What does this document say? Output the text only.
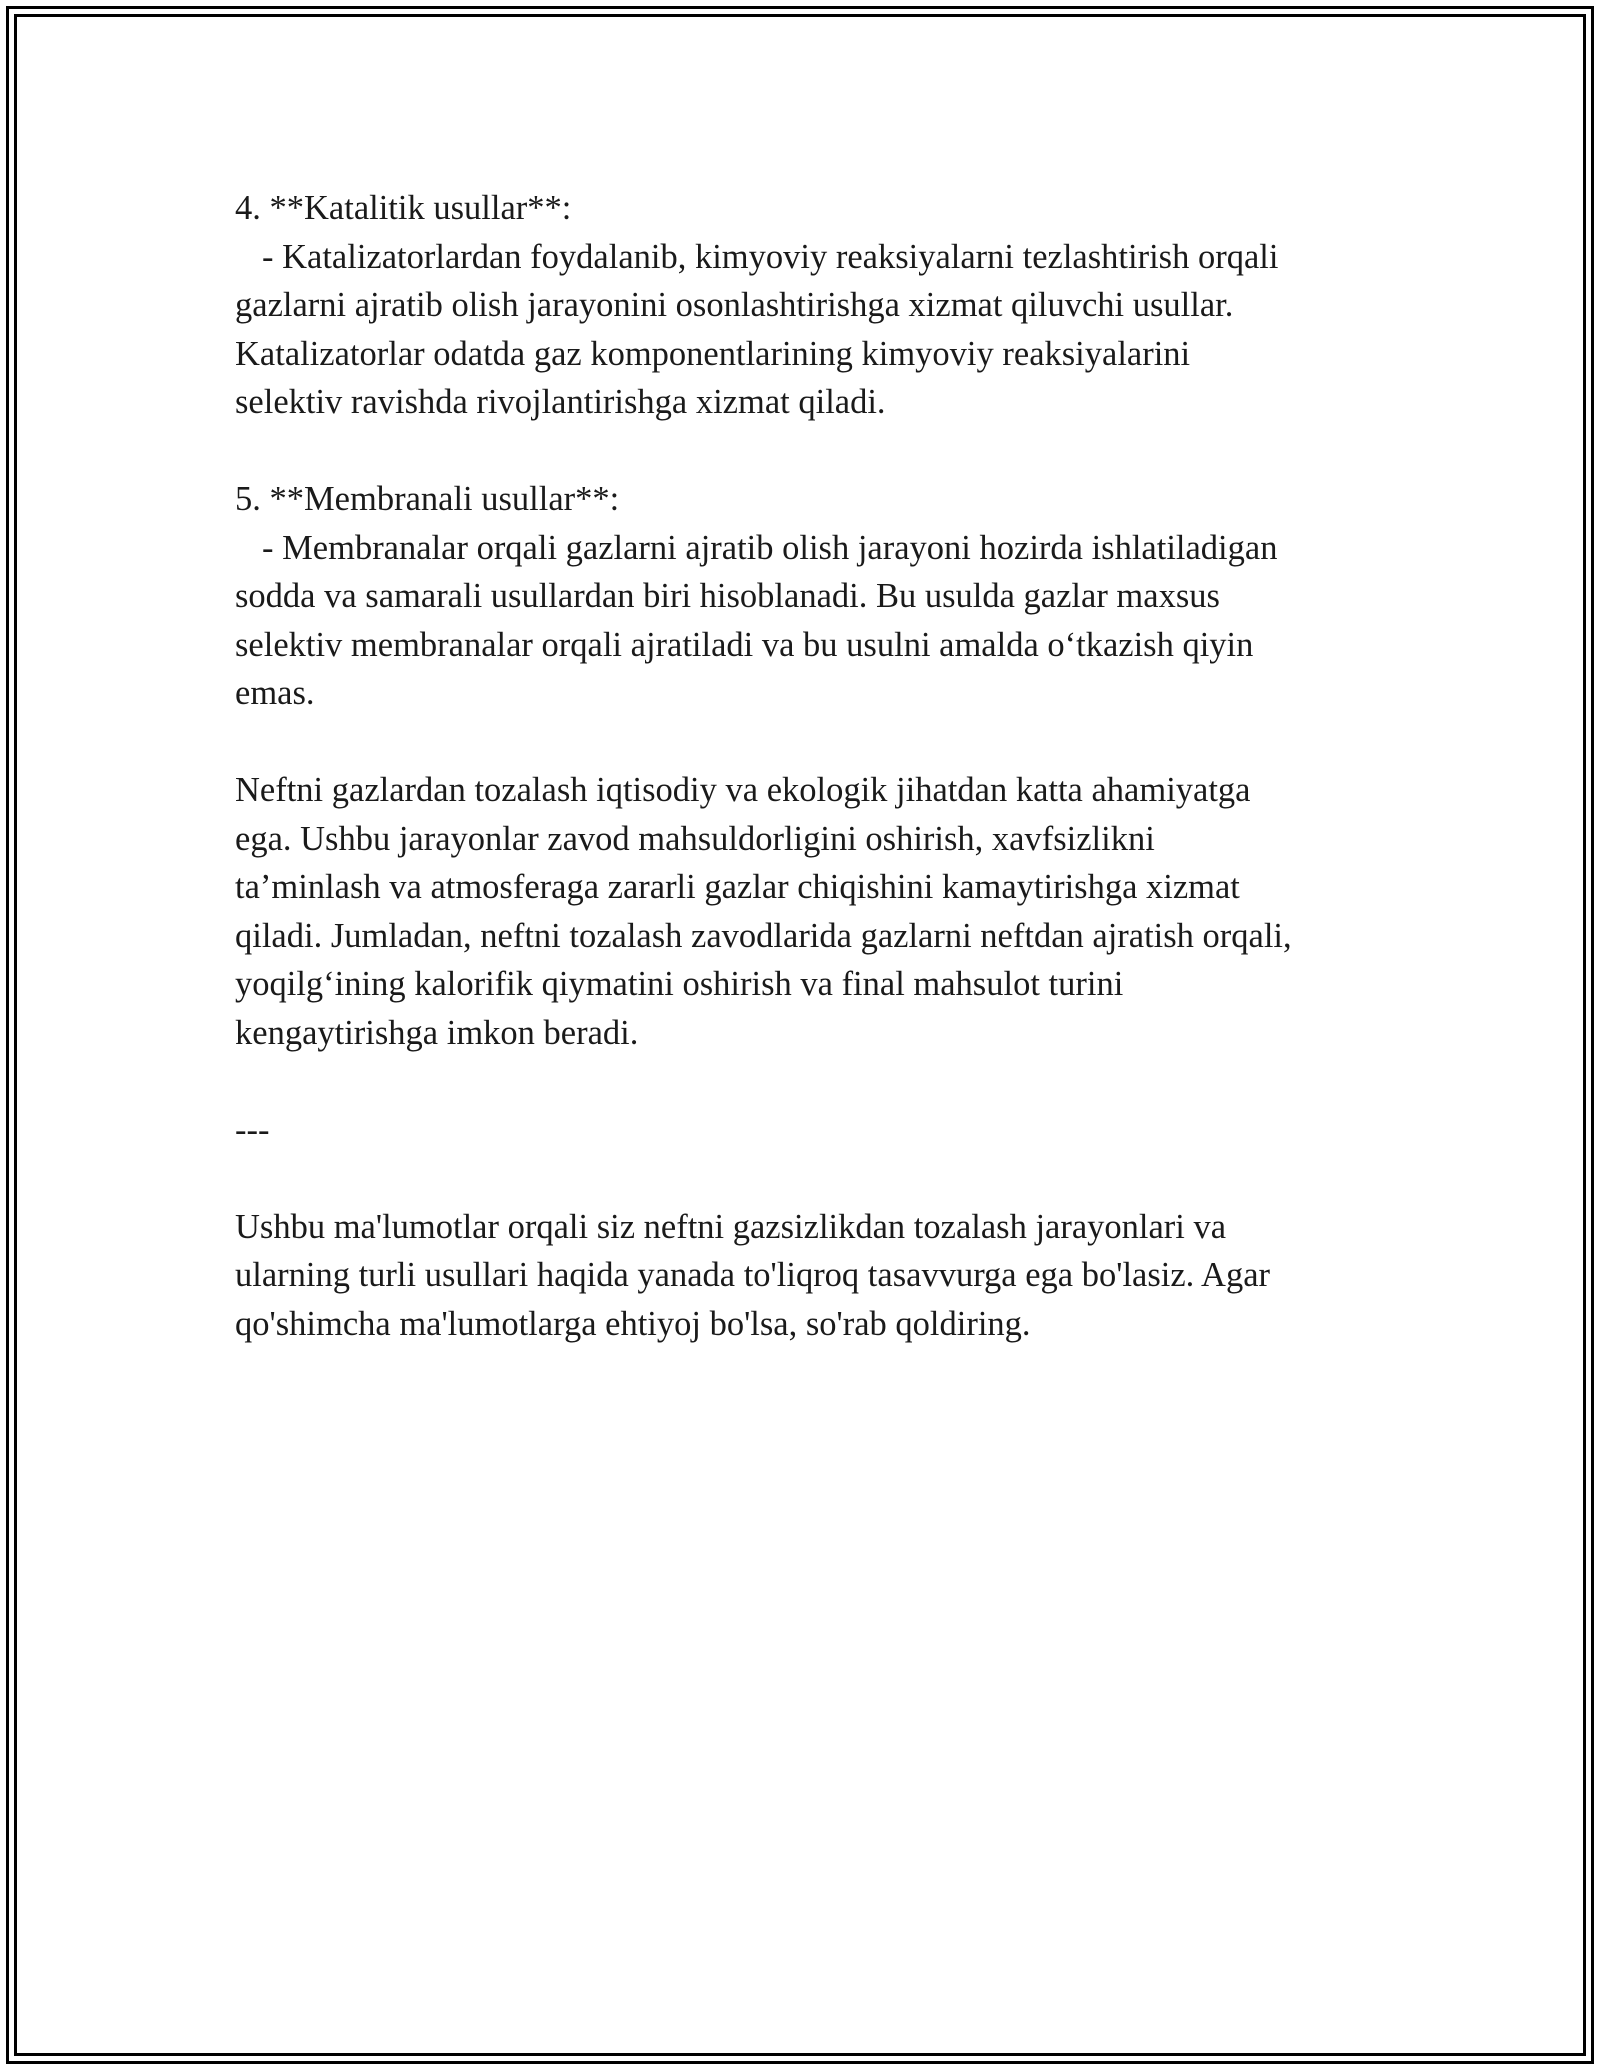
4. **Katalitik usullar**:

- Katalizatorlardan foydalanib, kimyoviy reaksiyalarni tezlashtirish orqali

gazlarni ajratib olish jarayonini osonlashtirishga xizmat qiluvchi usullar.

Katalizatorlar odatda gaz komponentlarining kimyoviy reaksiyalarini

selektiv ravishda rivojlantirishga xizmat qiladi.

5. **Membranali usullar**:

- Membranalar orqali gazlarni ajratib olish jarayoni hozirda ishlatiladigan

sodda va samarali usullardan biri hisoblanadi. Bu usulda gazlar maxsus

selektiv membranalar orqali ajratiladi va bu usulni amalda o‘tkazish qiyin

emas.

Neftni gazlardan tozalash iqtisodiy va ekologik jihatdan katta ahamiyatga

ega. Ushbu jarayonlar zavod mahsuldorligini oshirish, xavfsizlikni

ta’minlash va atmosferaga zararli gazlar chiqishini kamaytirishga xizmat

qiladi. Jumladan, neftni tozalash zavodlarida gazlarni neftdan ajratish orqali,

yoqilg‘ining kalorifik qiymatini oshirish va final mahsulot turini

kengaytirishga imkon beradi.

---

Ushbu ma'lumotlar orqali siz neftni gazsizlikdan tozalash jarayonlari va

ularning turli usullari haqida yanada to'liqroq tasavvurga ega bo'lasiz. Agar

qo'shimcha ma'lumotlarga ehtiyoj bo'lsa, so'rab qoldiring.
